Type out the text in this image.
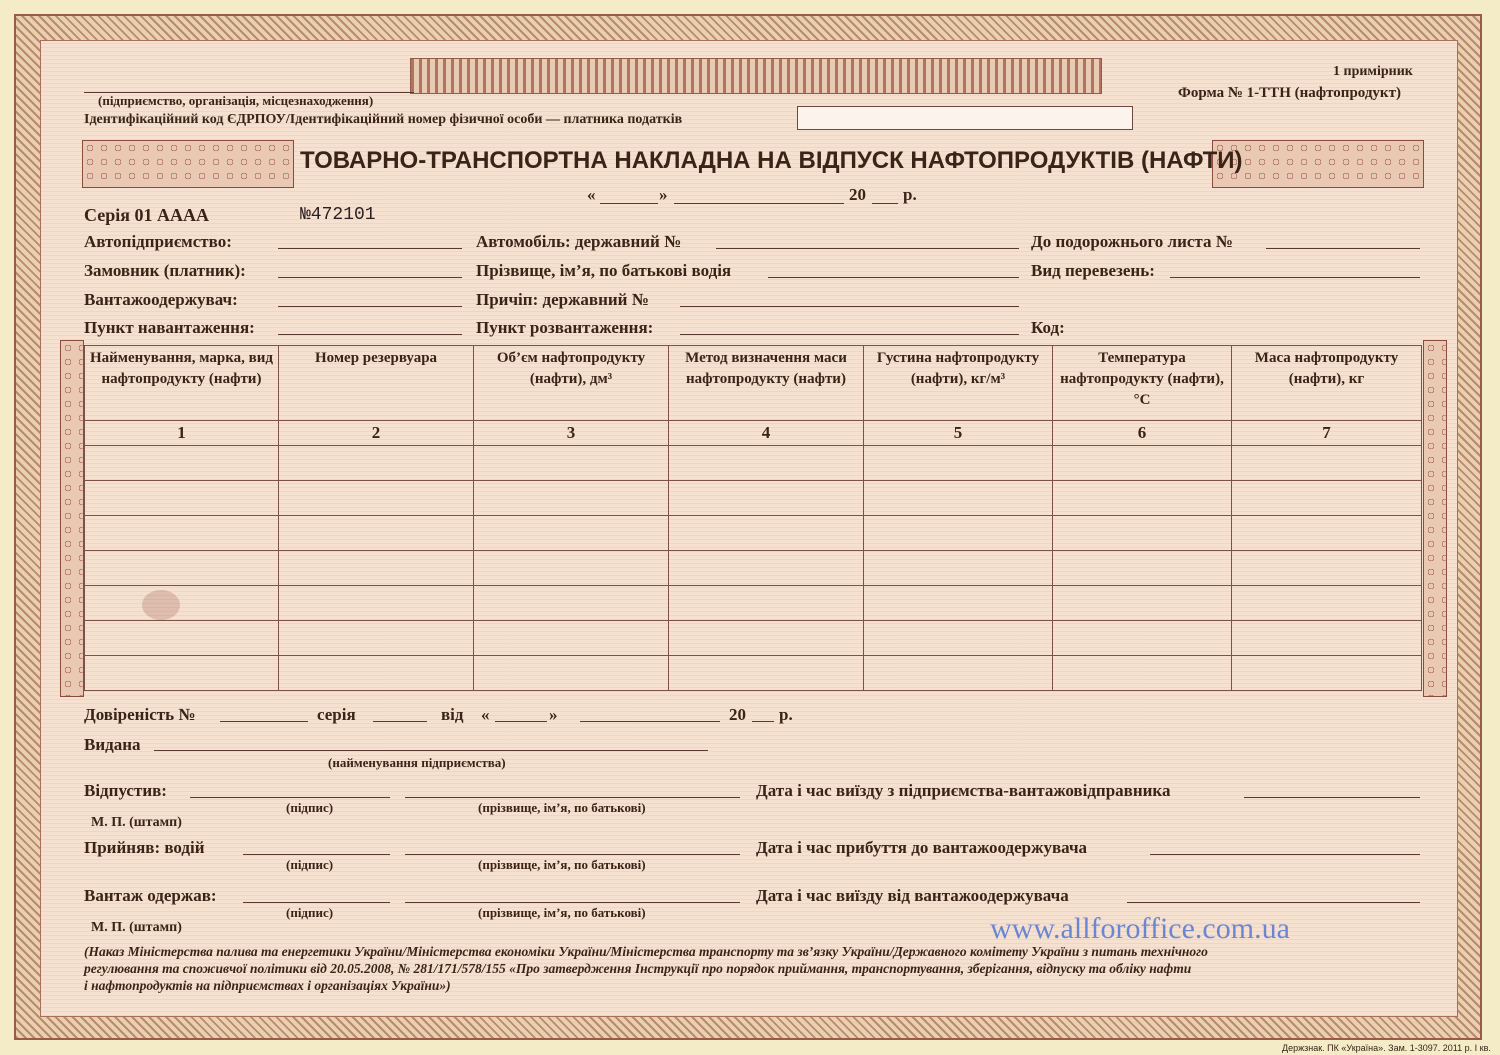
1 примірник
Форма № 1-ТТН (нафтопродукт)
(підприємство, організація, місцезнаходження)
Ідентифікаційний код ЄДРПОУ/Ідентифікаційний номер фізичної особи — платника податків
ТОВАРНО-ТРАНСПОРТНА НАКЛАДНА НА ВІДПУСК НАФТОПРОДУКТІВ (НАФТИ)
«	»	20 р.
Серія 01 АААА	№472101
Автопідприємство:	Автомобіль: державний №	До подорожнього листа №
Замовник (платник):	Прізвище, ім’я, по батькові водія	Вид перевезень:
Вантажоодержувач:	Причіп: державний №
Пункт навантаження:	Пункт розвантаження:	Код:
Найменування, марка, вид нафтопродукту (нафти)	Номер резервуара	Об’єм нафтопродукту (нафти), дм³	Метод визначення маси нафтопродукту (нафти)	Густина нафтопродукту (нафти), кг/м³	Температура нафтопродукту (нафти), °С	Маса нафтопродукту (нафти), кг
1	2	3	4	5	6	7

Довіреність №	серія	від «	»	20 р.
Видана
(найменування підприємства)
Відпустив:
(підпис)	(прізвище, ім’я, по батькові)
М. П. (штамп)
Дата і час виїзду з підприємства-вантажовідправника
Прийняв: водій
(підпис)	(прізвище, ім’я, по батькові)
Дата і час прибуття до вантажоодержувача
Вантаж одержав:
(підпис)	(прізвище, ім’я, по батькові)
М. П. (штамп)
Дата і час виїзду від вантажоодержувача
(Наказ Міністерства палива та енергетики України/Міністерства економіки України/Міністерства транспорту та зв’язку України/Державного комітету України з питань технічного
регулювання та споживчої політики від 20.05.2008, № 281/171/578/155 «Про затвердження Інструкції про порядок приймання, транспортування, зберігання, відпуску та обліку нафти
і нафтопродуктів на підприємствах і організаціях України»)
www.allforoffice.com.ua
Держзнак. ПК «Україна». Зам. 1-3097. 2011 р. I кв.
